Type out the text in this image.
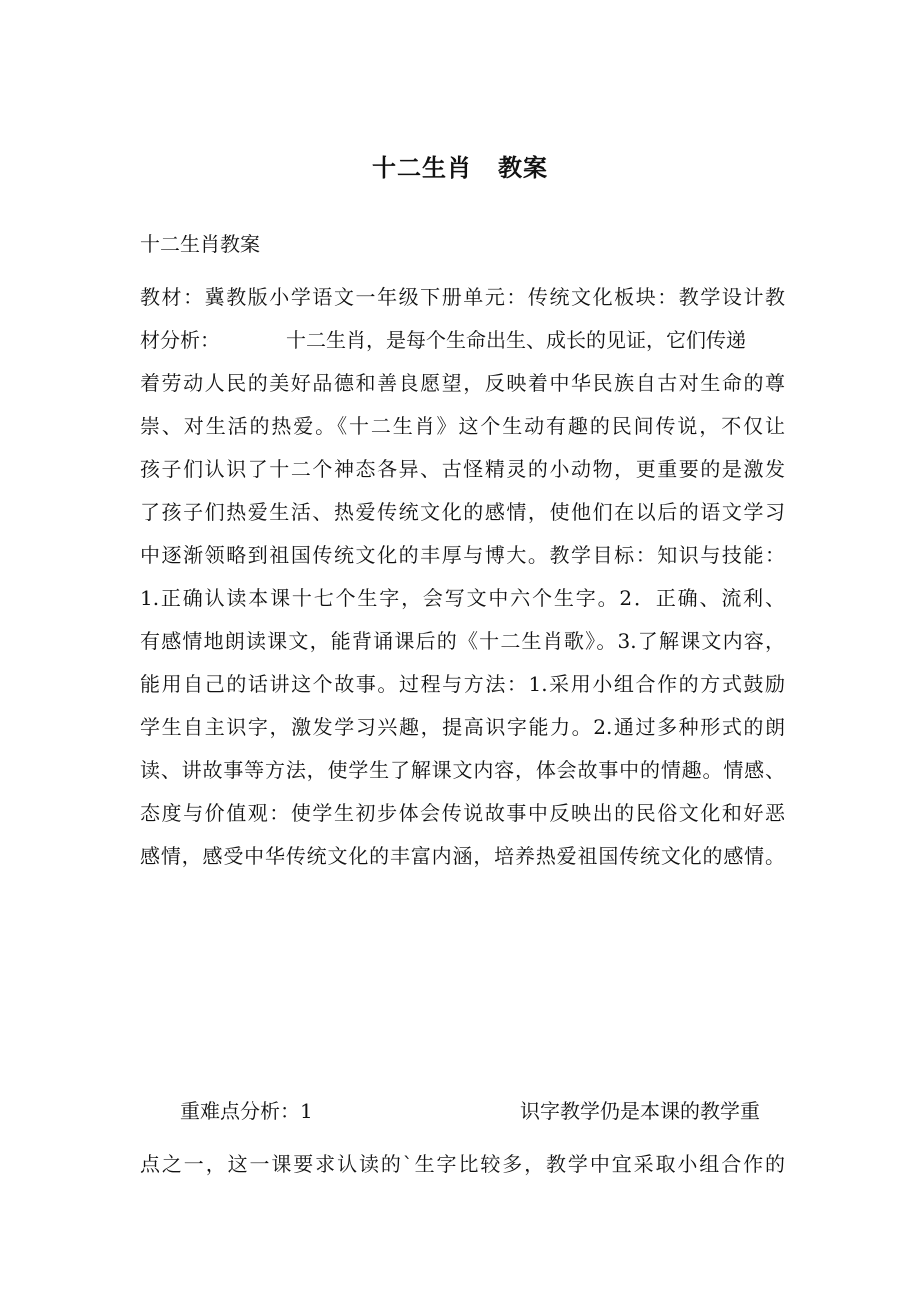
十二生肖 教案
十二生肖教案
教材：冀教版小学语文一年级下册单元：传统文化板块：教学设计教
材分析：	十二生肖，是每个生命出生、成长的见证，它们传递
着劳动人民的美好品德和善良愿望，反映着中华民族自古对生命的尊
崇、对生活的热爱。《十二生肖》这个生动有趣的民间传说，不仅让
孩子们认识了十二个神态各异、古怪精灵的小动物，更重要的是激发
了孩子们热爱生活、热爱传统文化的感情，使他们在以后的语文学习
中逐渐领略到祖国传统文化的丰厚与博大。教学目标：知识与技能：
1.正确认读本课十七个生字，会写文中六个生字。2．正确、流利、
有感情地朗读课文，能背诵课后的《十二生肖歌》。3.了解课文内容，
能用自己的话讲这个故事。过程与方法：1.采用小组合作的方式鼓励
学生自主识字，激发学习兴趣，提高识字能力。2.通过多种形式的朗
读、讲故事等方法，使学生了解课文内容，体会故事中的情趣。情感、
态度与价值观：使学生初步体会传说故事中反映出的民俗文化和好恶
感情，感受中华传统文化的丰富内涵，培养热爱祖国传统文化的感情。
重难点分析：1	识字教学仍是本课的教学重
点之一，这一课要求认读的`生字比较多，教学中宜采取小组合作的
